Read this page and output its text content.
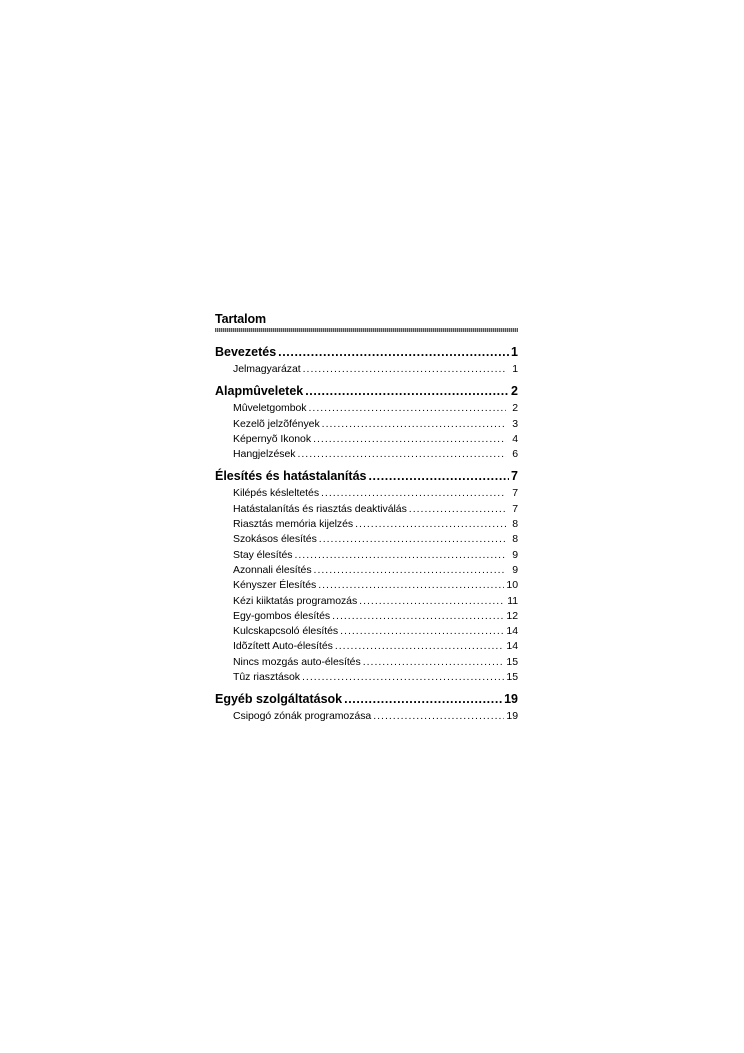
Tartalom
Bevezetés .....	1
Jelmagyarázat .....	1
Alapmûveletek .....	2
Mûveletgombok .....	2
Kezelõ jelzõfények .....	3
Képernyõ Ikonok .....	4
Hangjelzések .....	6
Élesítés és hatástalanítás .....	7
Kilépés késleltetés .....	7
Hatástalanítás és riasztás deaktiválás .....	7
Riasztás memória kijelzés .....	8
Szokásos élesítés .....	8
Stay élesítés .....	9
Azonnali élesítés .....	9
Kényszer Élesítés .....	10
Kézi kiiktatás programozás .....	11
Egy-gombos élesítés .....	12
Kulcskapcsoló élesítés .....	14
Idõzített Auto-élesítés .....	14
Nincs mozgás auto-élesítés .....	15
Tûz riasztások .....	15
Egyéb szolgáltatások .....	19
Csipogó zónák programozása .....	19
